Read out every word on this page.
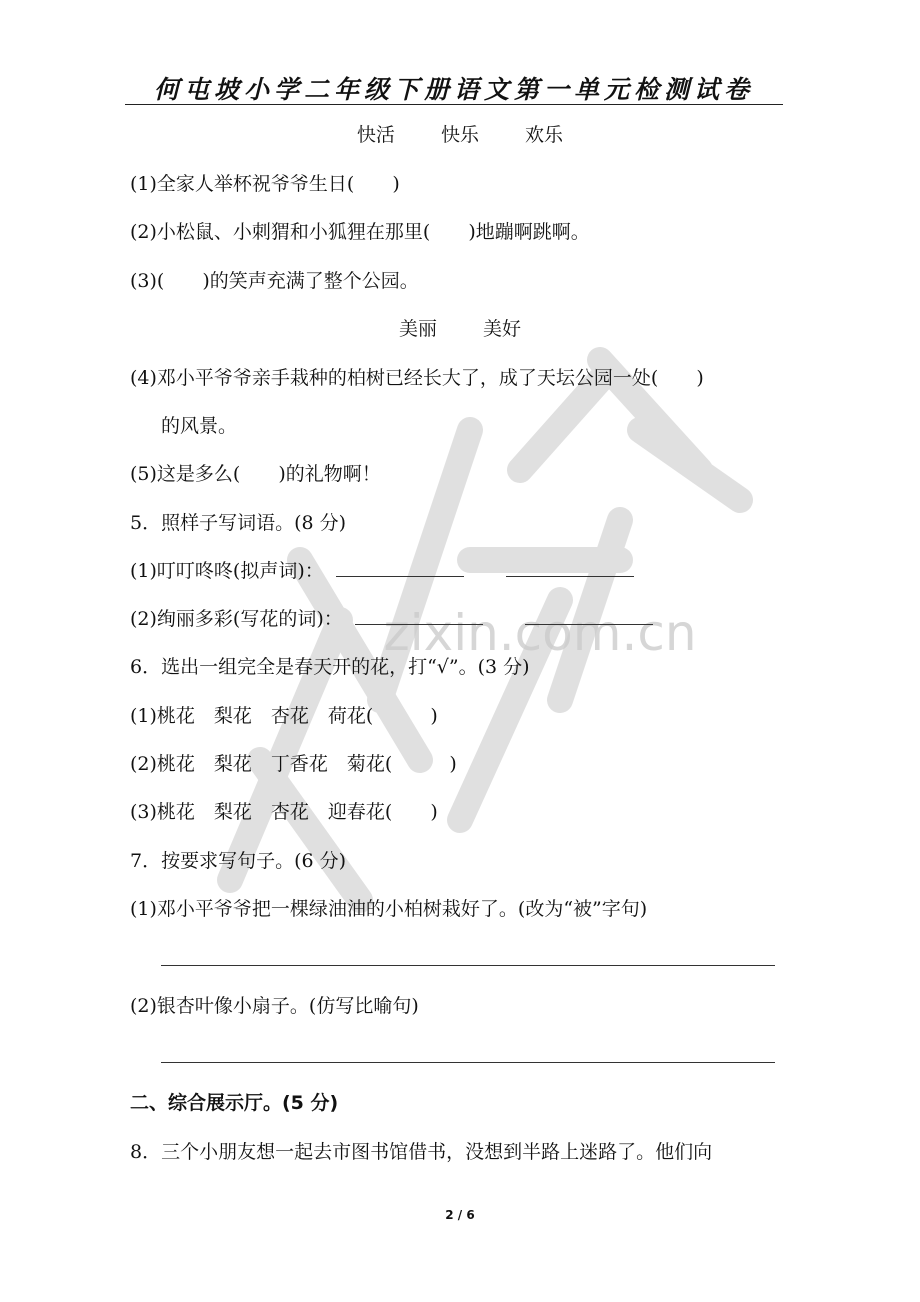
zixin.com.cn
何屯坡小学二年级下册语文第一单元检测试卷
快活 快乐 欢乐
(1)全家人举杯祝爷爷生日(　　)
(2)小松鼠、小刺猬和小狐狸在那里(　　)地蹦啊跳啊。
(3)(　　)的笑声充满了整个公园。
美丽 美好
(4)邓小平爷爷亲手栽种的柏树已经长大了，成了天坛公园一处(　　)
的风景。
(5)这是多么(　　)的礼物啊！
5．照样子写词语。(8 分)
(1)叮叮咚咚(拟声词)：
(2)绚丽多彩(写花的词)：
6．选出一组完全是春天开的花，打“√”。(3 分)
(1)桃花　梨花　杏花　荷花(　　　)
(2)桃花　梨花　丁香花　菊花(　　　)
(3)桃花　梨花　杏花　迎春花(　　)
7．按要求写句子。(6 分)
(1)邓小平爷爷把一棵绿油油的小柏树栽好了。(改为“被”字句)
(2)银杏叶像小扇子。(仿写比喻句)
二、综合展示厅。(5 分)
8．三个小朋友想一起去市图书馆借书，没想到半路上迷路了。他们向
2 / 6
